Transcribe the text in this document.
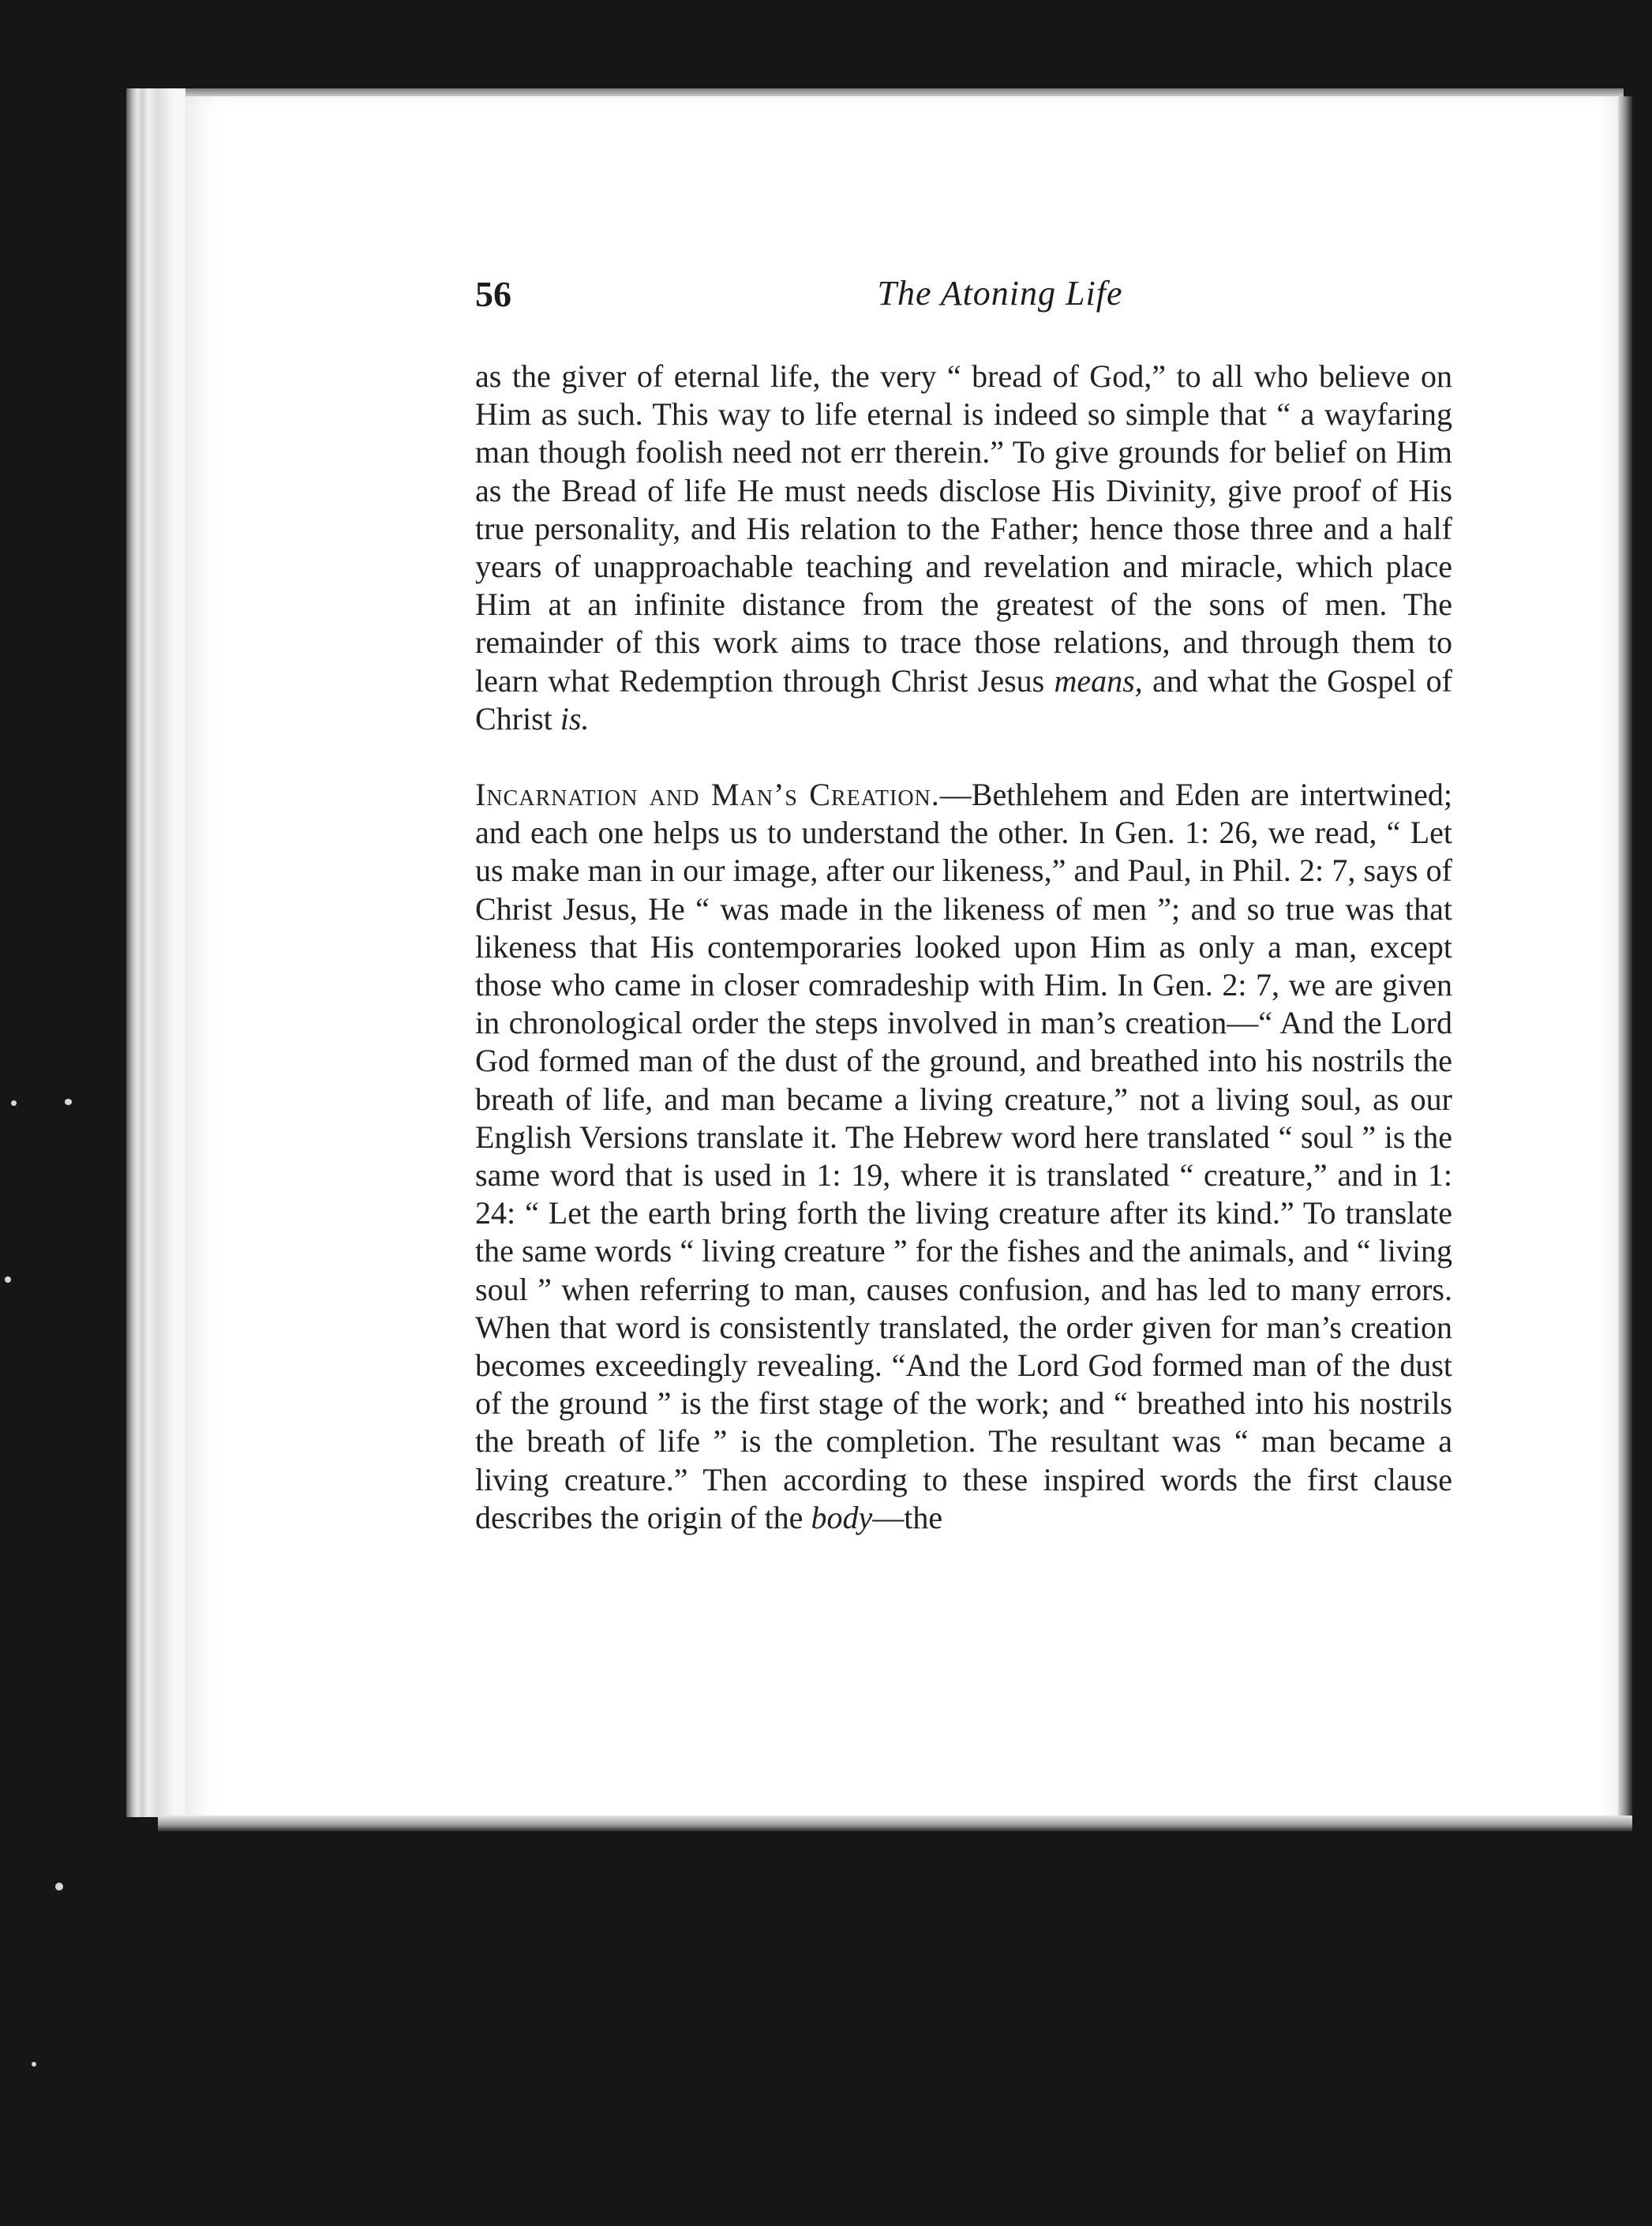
56	The Atoning Life

as the giver of eternal life, the very “ bread of God,” to all who believe on Him as such. This way to life eternal is indeed so simple that “ a wayfaring man though foolish need not err therein.” To give grounds for belief on Him as the Bread of life He must needs disclose His Divinity, give proof of His true personality, and His relation to the Father; hence those three and a half years of unapproachable teaching and revelation and miracle, which place Him at an infinite distance from the greatest of the sons of men. The remainder of this work aims to trace those relations, and through them to learn what Redemption through Christ Jesus means, and what the Gospel of Christ is.

Incarnation and Man’s Creation.—Bethlehem and Eden are intertwined; and each one helps us to understand the other. In Gen. 1: 26, we read, “ Let us make man in our image, after our likeness,” and Paul, in Phil. 2: 7, says of Christ Jesus, He “ was made in the likeness of men ”; and so true was that likeness that His contemporaries looked upon Him as only a man, except those who came in closer comradeship with Him. In Gen. 2: 7, we are given in chronological order the steps involved in man’s creation—“ And the Lord God formed man of the dust of the ground, and breathed into his nostrils the breath of life, and man became a living creature,” not a living soul, as our English Versions translate it. The Hebrew word here translated “ soul ” is the same word that is used in 1: 19, where it is translated “ creature,” and in 1: 24: “ Let the earth bring forth the living creature after its kind.” To translate the same words “ living creature ” for the fishes and the animals, and “ living soul ” when referring to man, causes confusion, and has led to many errors. When that word is consistently translated, the order given for man’s creation becomes exceedingly revealing. “And the Lord God formed man of the dust of the ground ” is the first stage of the work; and “ breathed into his nostrils the breath of life ” is the completion. The resultant was “ man became a living creature.” Then according to these inspired words the first clause describes the origin of the body—the
